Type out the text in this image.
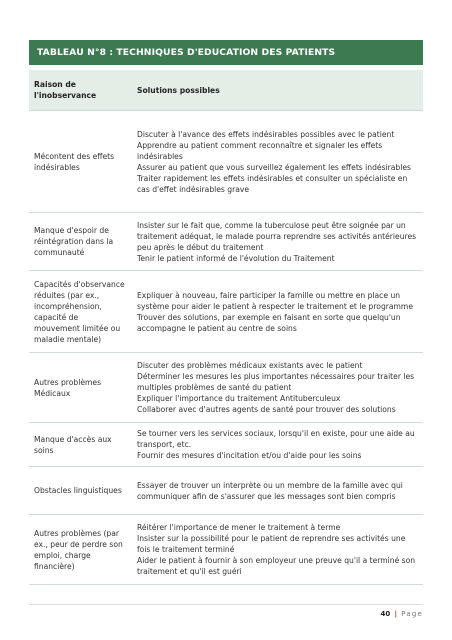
TABLEAU N°8 : TECHNIQUES D'EDUCATION DES PATIENTS
Raison de l'inobservance	Solutions possibles
Mécontent des effets indésirables	Discuter à l'avance des effets indésirables possibles avec le patient
Apprendre au patient comment reconnaître et signaler les effets indésirables
Assurer au patient que vous surveillez également les effets indésirables
Traiter rapidement les effets indésirables et consulter un spécialiste en cas d'effet indésirables grave

Manque d'espoir de réintégration dans la communauté	Insister sur le fait que, comme la tuberculose peut être soignée par un traitement adéquat, le malade pourra reprendre ses activités antérieures peu après le début du traitement
Tenir le patient informé de l'évolution du Traitement

Capacités d'observance réduites (par ex., incompréhension, capacité de mouvement limitée ou maladie mentale)	Expliquer à nouveau, faire participer la famille ou mettre en place un système pour aider le patient à respecter le traitement et le programme
Trouver des solutions, par exemple en faisant en sorte que quelqu'un accompagne le patient au centre de soins

Autres problèmes Médicaux	Discuter des problèmes médicaux existants avec le patient
Déterminer les mesures les plus importantes nécessaires pour traiter les multiples problèmes de santé du patient
Expliquer l'importance du traitement Antituberculeux
Collaborer avec d'autres agents de santé pour trouver des solutions

Manque d'accès aux soins	Se tourner vers les services sociaux, lorsqu'il en existe, pour une aide au transport, etc.
Fournir des mesures d'incitation et/ou d'aide pour les soins

Obstacles linguistiques	Essayer de trouver un interprète ou un membre de la famille avec qui communiquer afin de s'assurer que les messages sont bien compris

Autres problèmes (par ex., peur de perdre son emploi, charge financière)	Réitérer l'importance de mener le traitement à terme
Insister sur la possibilité pour le patient de reprendre ses activités une fois le traitement terminé
Aider le patient à fournir à son employeur une preuve qu'il a terminé son traitement et qu'il est guéri
40 | Page
